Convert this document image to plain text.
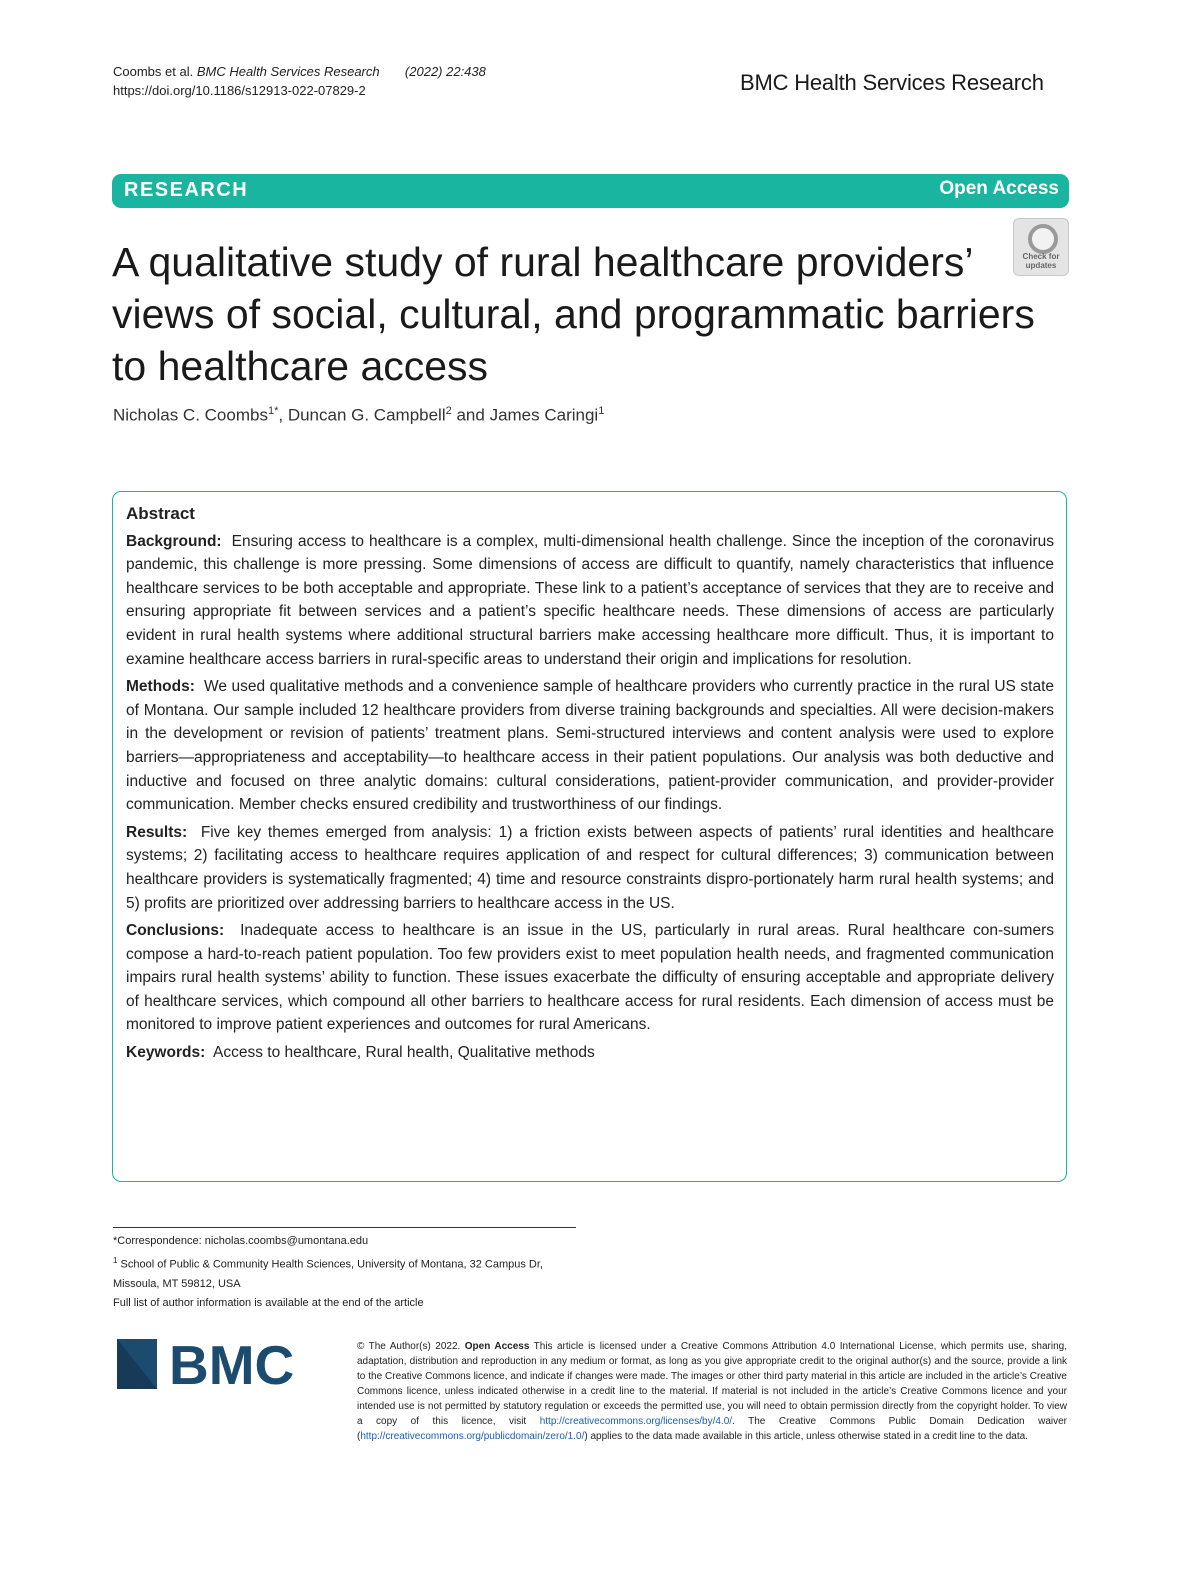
Coombs et al. BMC Health Services Research (2022) 22:438
https://doi.org/10.1186/s12913-022-07829-2	BMC Health Services Research
RESEARCH	Open Access
Check for
updates
A qualitative study of rural healthcare providers’ views of social, cultural, and programmatic barriers to healthcare access
Nicholas C. Coombs$^{1*}$, Duncan G. Campbell$^2$ and James Caringi$^1$
Abstract

Background: Ensuring access to healthcare is a complex, multi-dimensional health challenge. Since the inception of the coronavirus pandemic, this challenge is more pressing. Some dimensions of access are difficult to quantify, namely characteristics that influence healthcare services to be both acceptable and appropriate. These link to a patient’s acceptance of services that they are to receive and ensuring appropriate fit between services and a patient’s specific healthcare needs. These dimensions of access are particularly evident in rural health systems where additional structural barriers make accessing healthcare more difficult. Thus, it is important to examine healthcare access barriers in rural-specific areas to understand their origin and implications for resolution.

Methods: We used qualitative methods and a convenience sample of healthcare providers who currently practice in the rural US state of Montana. Our sample included 12 healthcare providers from diverse training backgrounds and specialties. All were decision-makers in the development or revision of patients’ treatment plans. Semi-structured interviews and content analysis were used to explore barriers—appropriateness and acceptability—to healthcare access in their patient populations. Our analysis was both deductive and inductive and focused on three analytic domains: cultural considerations, patient-provider communication, and provider-provider communication. Member checks ensured credibility and trustworthiness of our findings.

Results: Five key themes emerged from analysis: 1) a friction exists between aspects of patients’ rural identities and healthcare systems; 2) facilitating access to healthcare requires application of and respect for cultural differences; 3) communication between healthcare providers is systematically fragmented; 4) time and resource constraints dispro-portionately harm rural health systems; and 5) profits are prioritized over addressing barriers to healthcare access in the US.

Conclusions: Inadequate access to healthcare is an issue in the US, particularly in rural areas. Rural healthcare con-sumers compose a hard-to-reach patient population. Too few providers exist to meet population health needs, and fragmented communication impairs rural health systems’ ability to function. These issues exacerbate the difficulty of ensuring acceptable and appropriate delivery of healthcare services, which compound all other barriers to healthcare access for rural residents. Each dimension of access must be monitored to improve patient experiences and outcomes for rural Americans.

Keywords: Access to healthcare, Rural health, Qualitative methods

*Correspondence: nicholas.coombs@umontana.edu
$^1$ School of Public & Community Health Sciences, University of Montana, 32 Campus Dr, Missoula, MT 59812, USA
Full list of author information is available at the end of the article
BMC	© The Author(s) 2022. Open Access This article is licensed under a Creative Commons Attribution 4.0 International License, which permits use, sharing, adaptation, distribution and reproduction in any medium or format, as long as you give appropriate credit to the original author(s) and the source, provide a link to the Creative Commons licence, and indicate if changes were made. The images or other third party material in this article are included in the article’s Creative Commons licence, unless indicated otherwise in a credit line to the material. If material is not included in the article’s Creative Commons licence and your intended use is not permitted by statutory regulation or exceeds the permitted use, you will need to obtain permission directly from the copyright holder. To view a copy of this licence, visit http://creativecommons.org/licenses/by/4.0/. The Creative Commons Public Domain Dedication waiver (http://creativecommons.org/publicdomain/zero/1.0/) applies to the data made available in this article, unless otherwise stated in a credit line to the data.
